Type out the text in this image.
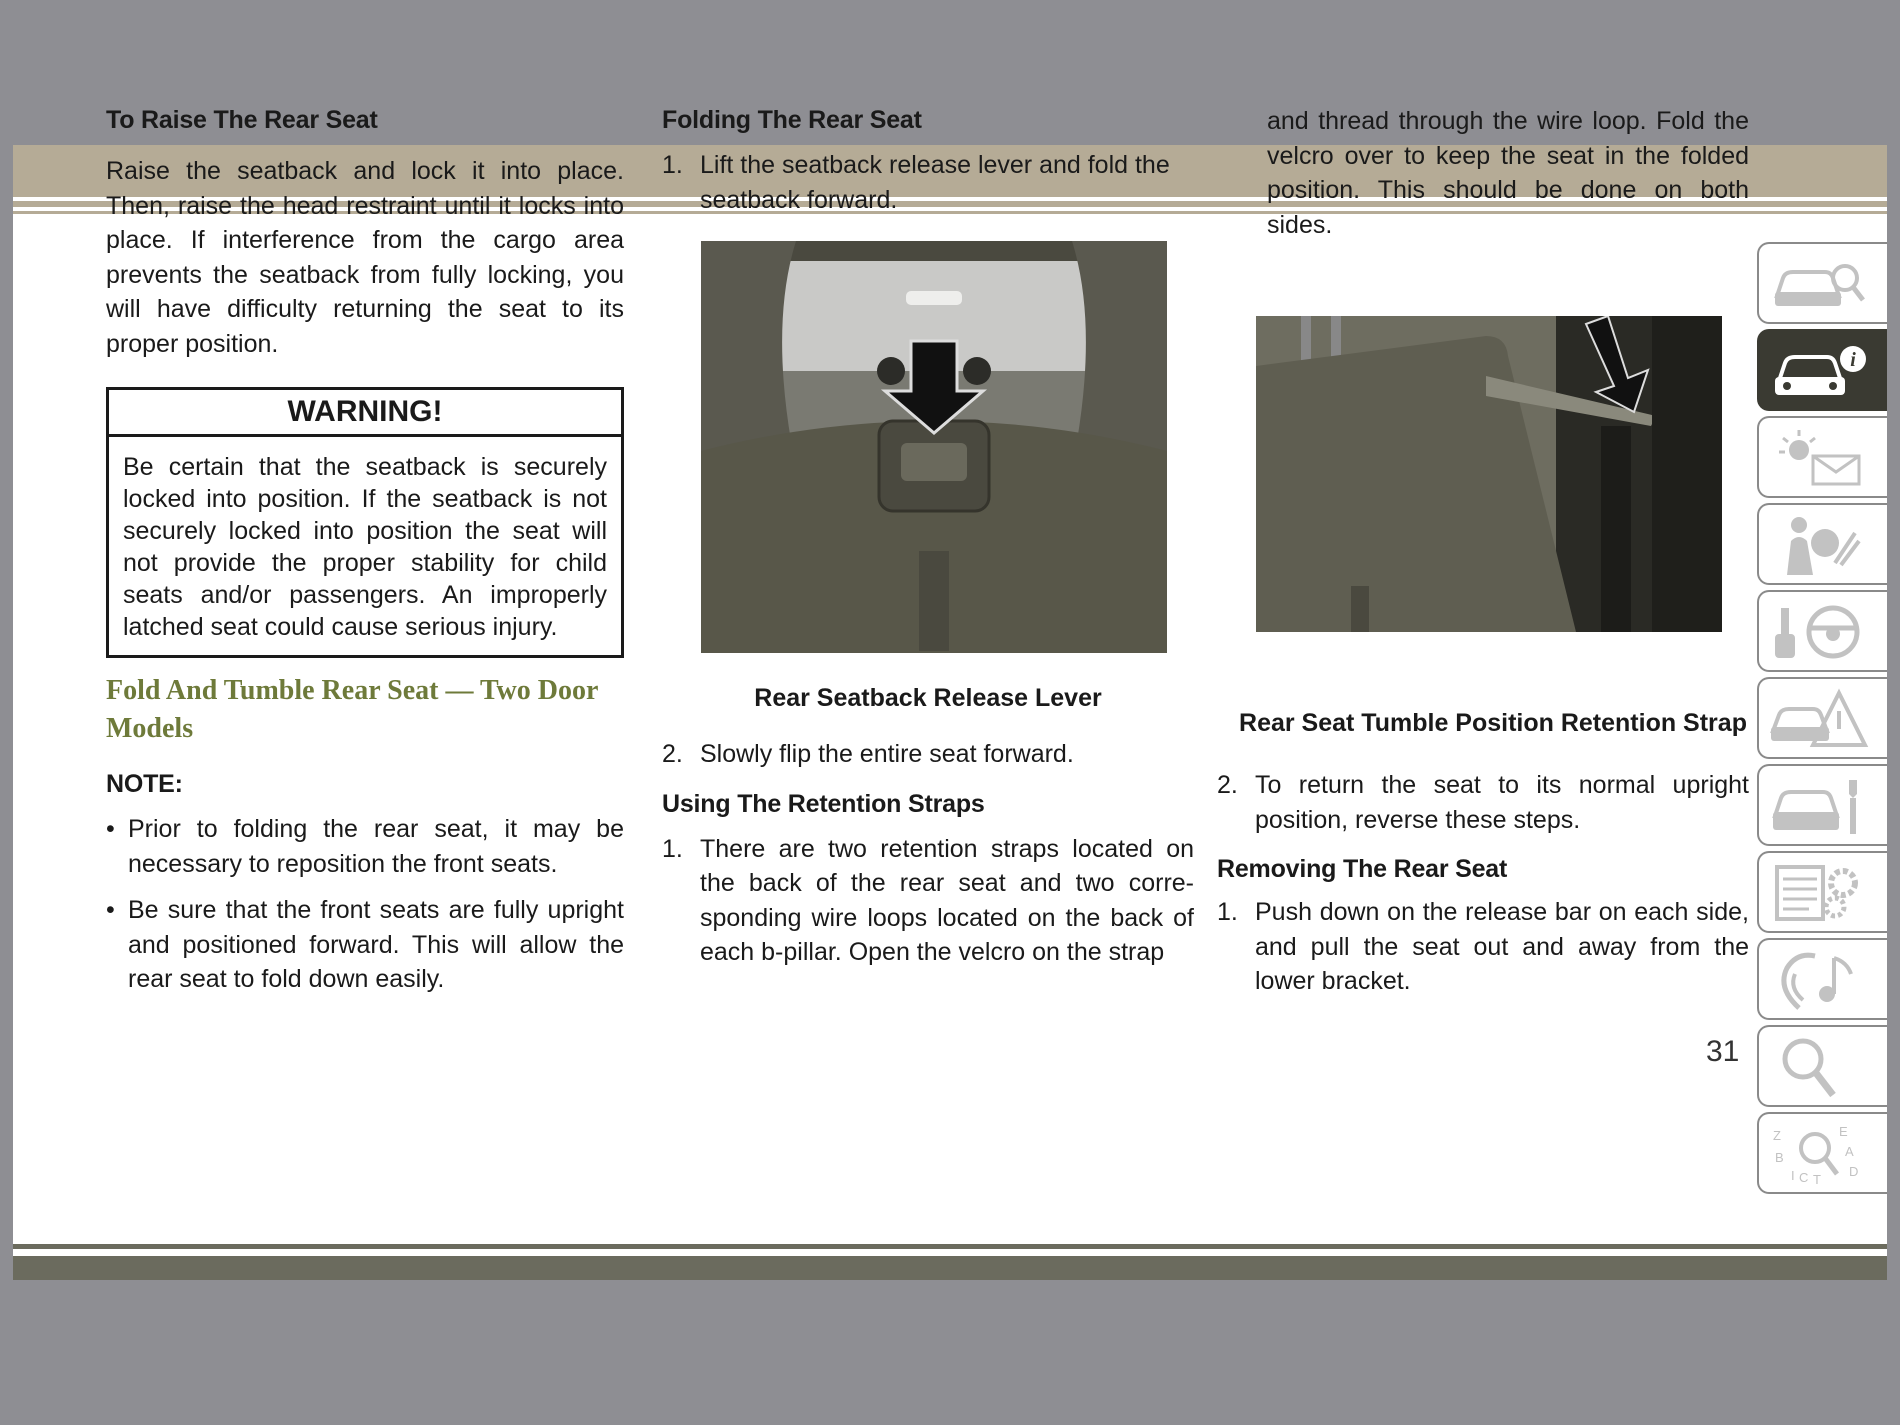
To Raise The Rear Seat

Raise the seatback and lock it into place. Then, raise the head restraint until it locks into place. If interference from the cargo area prevents the seatback from fully locking, you will have difficulty returning the seat to its proper position.

WARNING!
Be certain that the seatback is securely locked into position. If the seatback is not securely locked into position the seat will not provide the proper stability for child seats and/or passengers. An improperly latched seat could cause serious injury.
Fold And Tumble Rear Seat — Two Door Models
NOTE:
• Prior to folding the rear seat, it may be necessary to reposition the front seats.
• Be sure that the front seats are fully upright and positioned forward. This will allow the rear seat to fold down easily.
Folding The Rear Seat
1. Lift the seatback release lever and fold the seatback forward.
Rear Seatback Release Lever
2. Slowly flip the entire seat forward.
Using The Retention Straps
1. There are two retention straps located on the back of the rear seat and two corre-sponding wire loops located on the back of each b-pillar. Open the velcro on the strap

and thread through the wire loop. Fold the velcro over to keep the seat in the folded position. This should be done on both sides.

Rear Seat Tumble Position Retention Strap
2. To return the seat to its normal upright position, reverse these steps.
Removing The Rear Seat
1. Push down on the release bar on each side, and pull the seat out and away from the lower bracket.
31
i
Z
B
I C T
E
A
D
